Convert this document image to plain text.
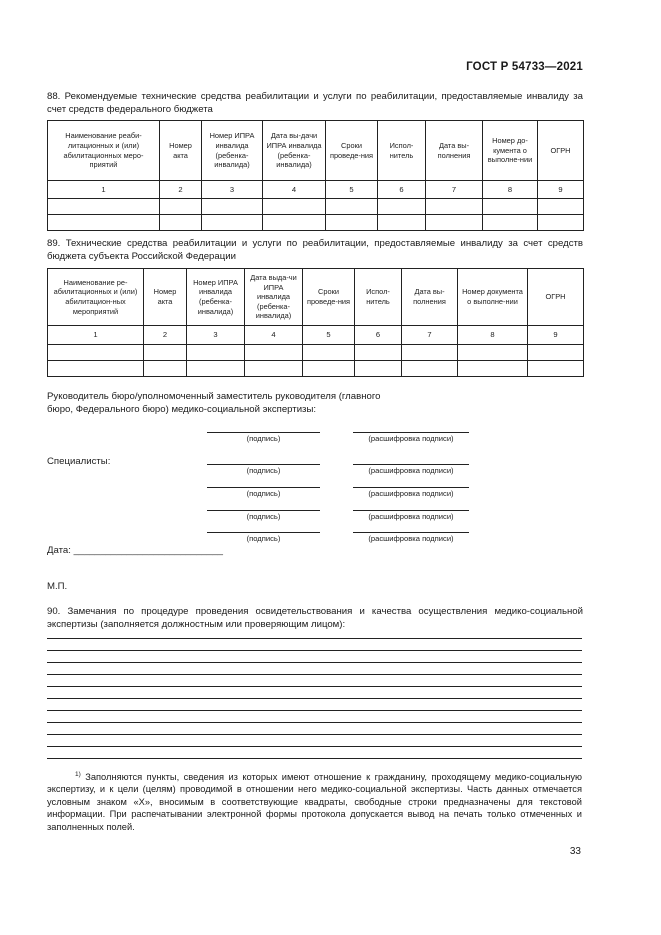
ГОСТ Р 54733—2021
88. Рекомендуемые технические средства реабилитации и услуги по реабилитации, предоставляемые инвалиду за счет средств федерального бюджета
Наименование реаби-литационных и (или) абилитационных меро-приятий	Номер акта	Номер ИПРА инвалида (ребенка-инвалида)	Дата вы-дачи ИПРА инвалида (ребенка-инвалида)	Сроки проведе-ния	Испол-нитель	Дата вы-полнения	Номер до-кумента о выполне-нии	ОГРН
1	2	3	4	5	6	7	8	9

89. Технические средства реабилитации и услуги по реабилитации, предоставляемые инвалиду за счет средств бюджета субъекта Российской Федерации
Наименование ре-абилитационных и (или) абилитацион-ных мероприятий	Номер акта	Номер ИПРА инвалида (ребенка-инвалида)	Дата выда-чи ИПРА инвалида (ребенка-инвалида)	Сроки проведе-ния	Испол-нитель	Дата вы-полнения	Номер документа о выполне-нии	ОГРН
1	2	3	4	5	6	7	8	9

Руководитель бюро/уполномоченный заместитель руководителя (главного бюро, Федерального бюро) медико-социальной экспертизы:
(подпись)	(расшифровка подписи)
Специалисты:
(подпись)	(расшифровка подписи)
(подпись)	(расшифровка подписи)
(подпись)	(расшифровка подписи)
(подпись)	(расшифровка подписи)
Дата: ____________________________
М.П.
90. Замечания по процедуре проведения освидетельствования и качества осуществления медико-социальной экспертизы (заполняется должностным или проверяющим лицом):
$^{1)}$ Заполняются пункты, сведения из которых имеют отношение к гражданину, проходящему медико-социальную экспертизу, и к цели (целям) проводимой в отношении него медико-социальной экспертизы. Часть данных отмечается условным знаком «Х», вносимым в соответствующие квадраты, свободные строки предназначены для текстовой информации. При распечатывании электронной формы протокола допускается вывод на печать только отмеченных и заполненных полей.
33
